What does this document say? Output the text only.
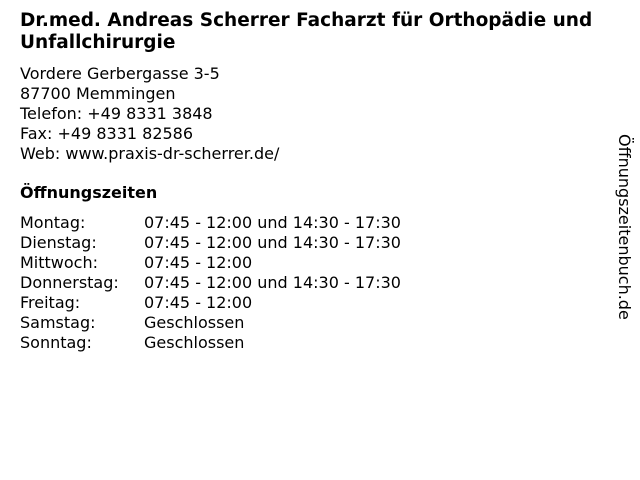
Dr.med. Andreas Scherrer Facharzt für Orthopädie und Unfallchirurgie
Vordere Gerbergasse 3-5
87700 Memmingen
Telefon: +49 8331 3848
Fax: +49 8331 82586
Web: www.praxis-dr-scherrer.de/
Öffnungszeiten
Montag:	07:45 - 12:00 und 14:30 - 17:30
Dienstag:	07:45 - 12:00 und 14:30 - 17:30
Mittwoch:	07:45 - 12:00
Donnerstag:	07:45 - 12:00 und 14:30 - 17:30
Freitag:	07:45 - 12:00
Samstag:	Geschlossen
Sonntag:	Geschlossen
Öffnungszeitenbuch.de
